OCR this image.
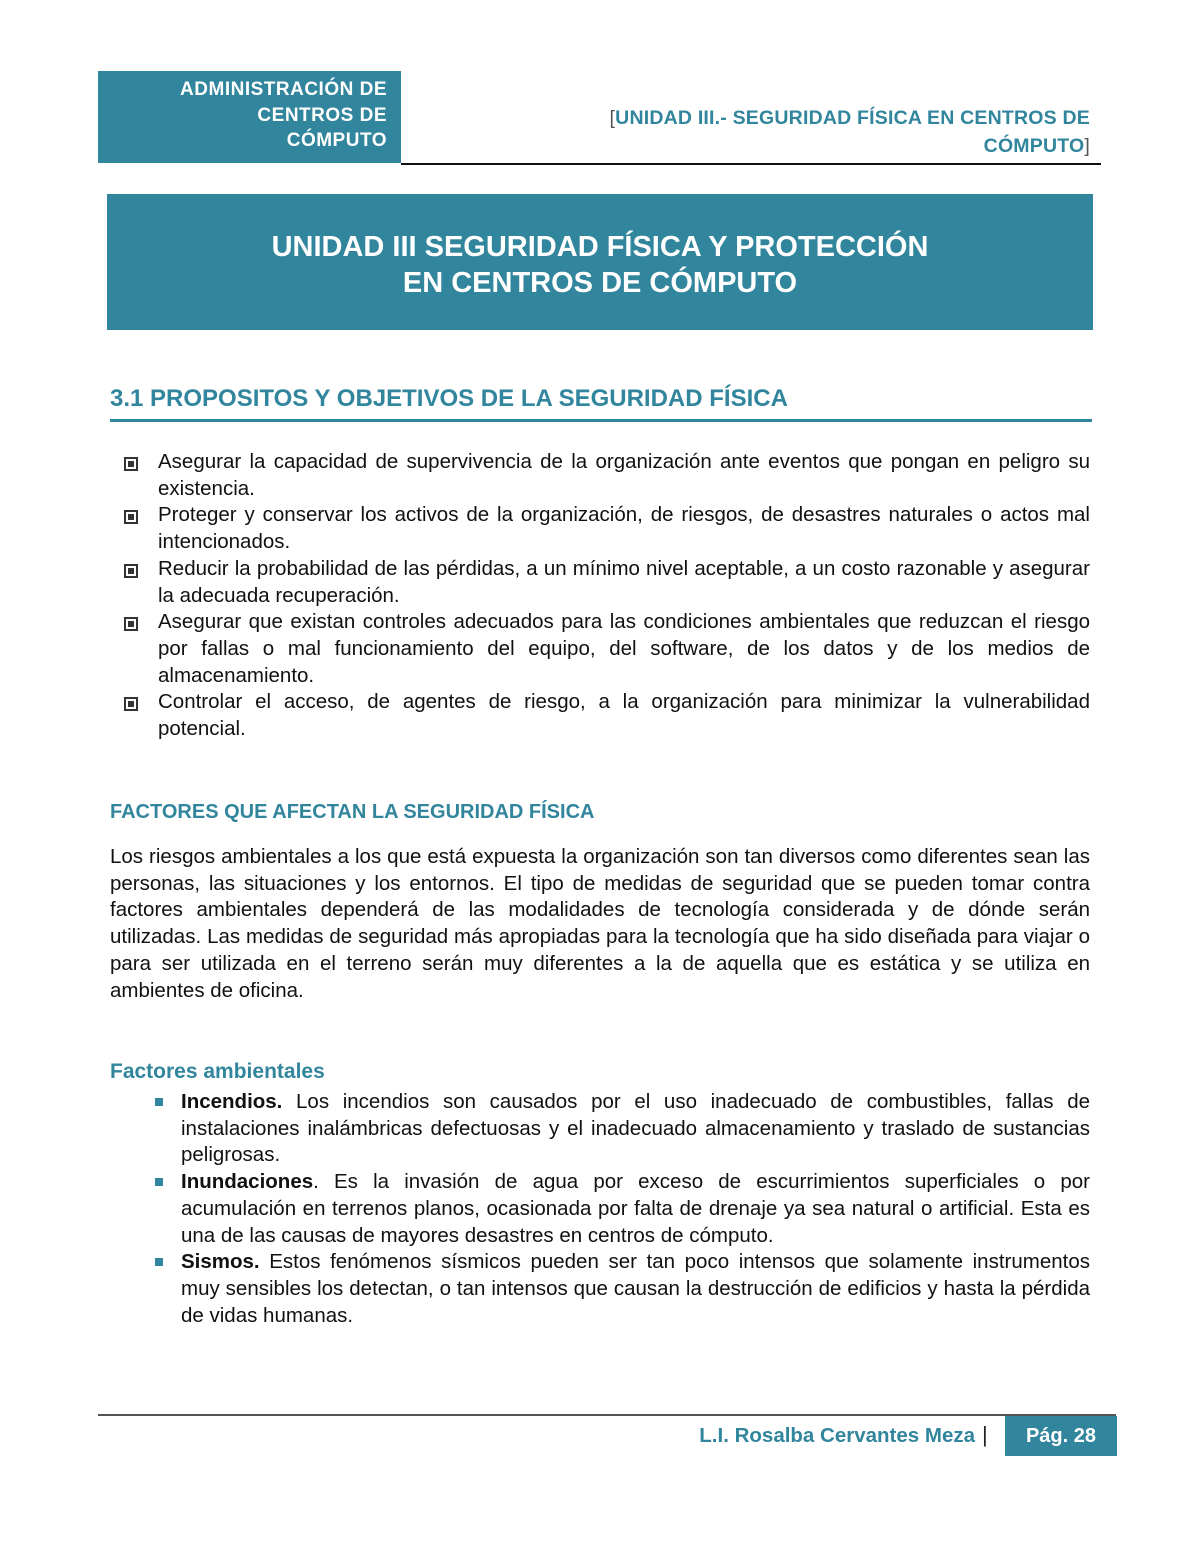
ADMINISTRACIÓN DE
CENTROS DE
CÓMPUTO
[UNIDAD III.- SEGURIDAD FÍSICA EN CENTROS DE
CÓMPUTO]
UNIDAD III SEGURIDAD FÍSICA Y PROTECCIÓN
EN CENTROS DE CÓMPUTO
3.1 PROPOSITOS Y OBJETIVOS DE LA SEGURIDAD FÍSICA
Asegurar la capacidad de supervivencia de la organización ante eventos que pongan en peligro su existencia.
Proteger y conservar los activos de la organización, de riesgos, de desastres naturales o actos mal intencionados.
Reducir la probabilidad de las pérdidas, a un mínimo nivel aceptable, a un costo razonable y asegurar la adecuada recuperación.
Asegurar que existan controles adecuados para las condiciones ambientales que reduzcan el riesgo por fallas o mal funcionamiento del equipo, del software, de los datos y de los medios de almacenamiento.
Controlar el acceso, de agentes de riesgo, a la organización para minimizar la vulnerabilidad potencial.
FACTORES QUE AFECTAN LA SEGURIDAD FÍSICA

Los riesgos ambientales a los que está expuesta la organización son tan diversos como diferentes sean las personas, las situaciones y los entornos. El tipo de medidas de seguridad que se pueden tomar contra factores ambientales dependerá de las modalidades de tecnología considerada y de dónde serán utilizadas. Las medidas de seguridad más apropiadas para la tecnología que ha sido diseñada para viajar o para ser utilizada en el terreno serán muy diferentes a la de aquella que es estática y se utiliza en ambientes de oficina.

Factores ambientales
Incendios. Los incendios son causados por el uso inadecuado de combustibles, fallas de instalaciones inalámbricas defectuosas y el inadecuado almacenamiento y traslado de sustancias peligrosas.
Inundaciones. Es la invasión de agua por exceso de escurrimientos superficiales o por acumulación en terrenos planos, ocasionada por falta de drenaje ya sea natural o artificial. Esta es una de las causas de mayores desastres en centros de cómputo.
Sismos. Estos fenómenos sísmicos pueden ser tan poco intensos que solamente instrumentos muy sensibles los detectan, o tan intensos que causan la destrucción de edificios y hasta la pérdida de vidas humanas.
L.I. Rosalba Cervantes Meza |	Pág. 28
